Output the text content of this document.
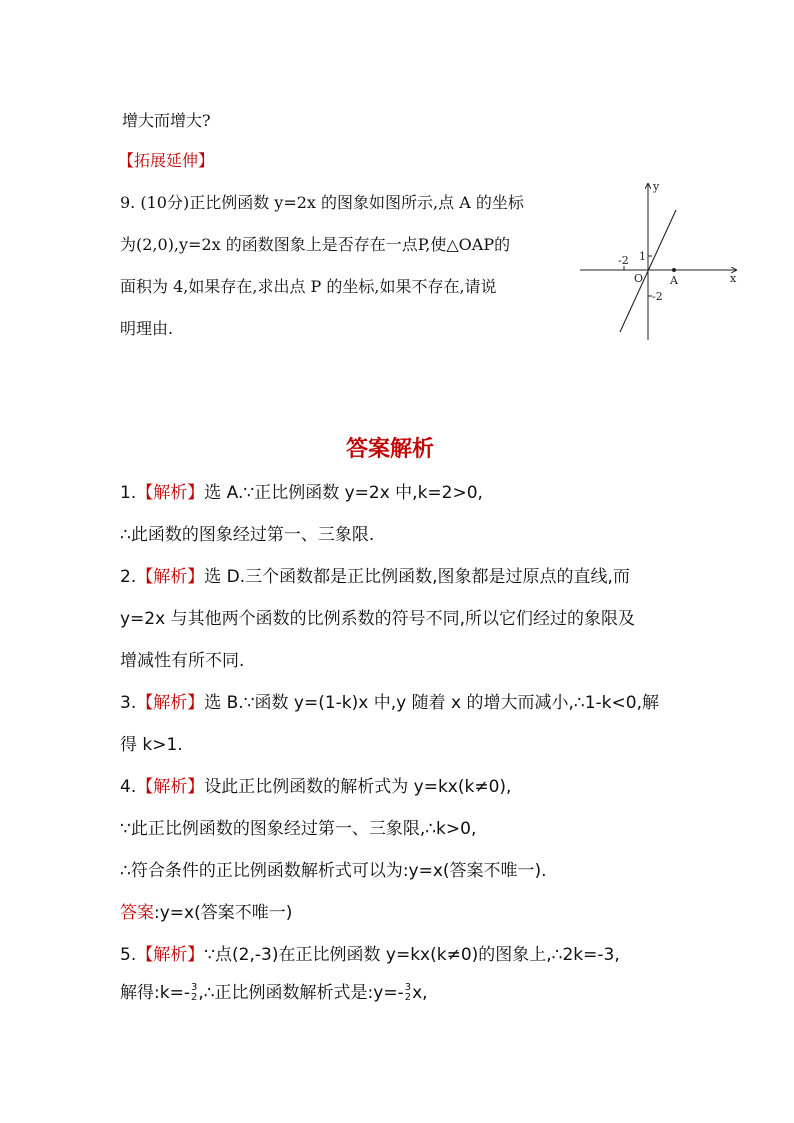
增大而增大?
【拓展延伸】
9. (10分)正比例函数 y=2x 的图象如图所示,点 A 的坐标
为(2,0),y=2x 的函数图象上是否存在一点P,使△OAP的
面积为 4,如果存在,求出点 P 的坐标,如果不存在,请说
明理由.
x
y
O A
1
-2
-2
答案解析
1.【解析】选 A.∵正比例函数 y=2x 中,k=2>0,
∴此函数的图象经过第一、三象限.
2.【解析】选 D.三个函数都是正比例函数,图象都是过原点的直线,而
y=2x 与其他两个函数的比例系数的符号不同,所以它们经过的象限及
增减性有所不同.
3.【解析】选 B.∵函数 y=(1-k)x 中,y 随着 x 的增大而减小,∴1-k<0,解
得 k>1.
4.【解析】设此正比例函数的解析式为 y=kx(k≠0),
∵此正比例函数的图象经过第一、三象限,∴k>0,
∴符合条件的正比例函数解析式可以为:y=x(答案不唯一).
答案:y=x(答案不唯一)
5.【解析】∵点(2,-3)在正比例函数 y=kx(k≠0)的图象上,∴2k=-3,
解得:k=- 3
2 ,∴正比例函数解析式是:y=- 3
2 x,
